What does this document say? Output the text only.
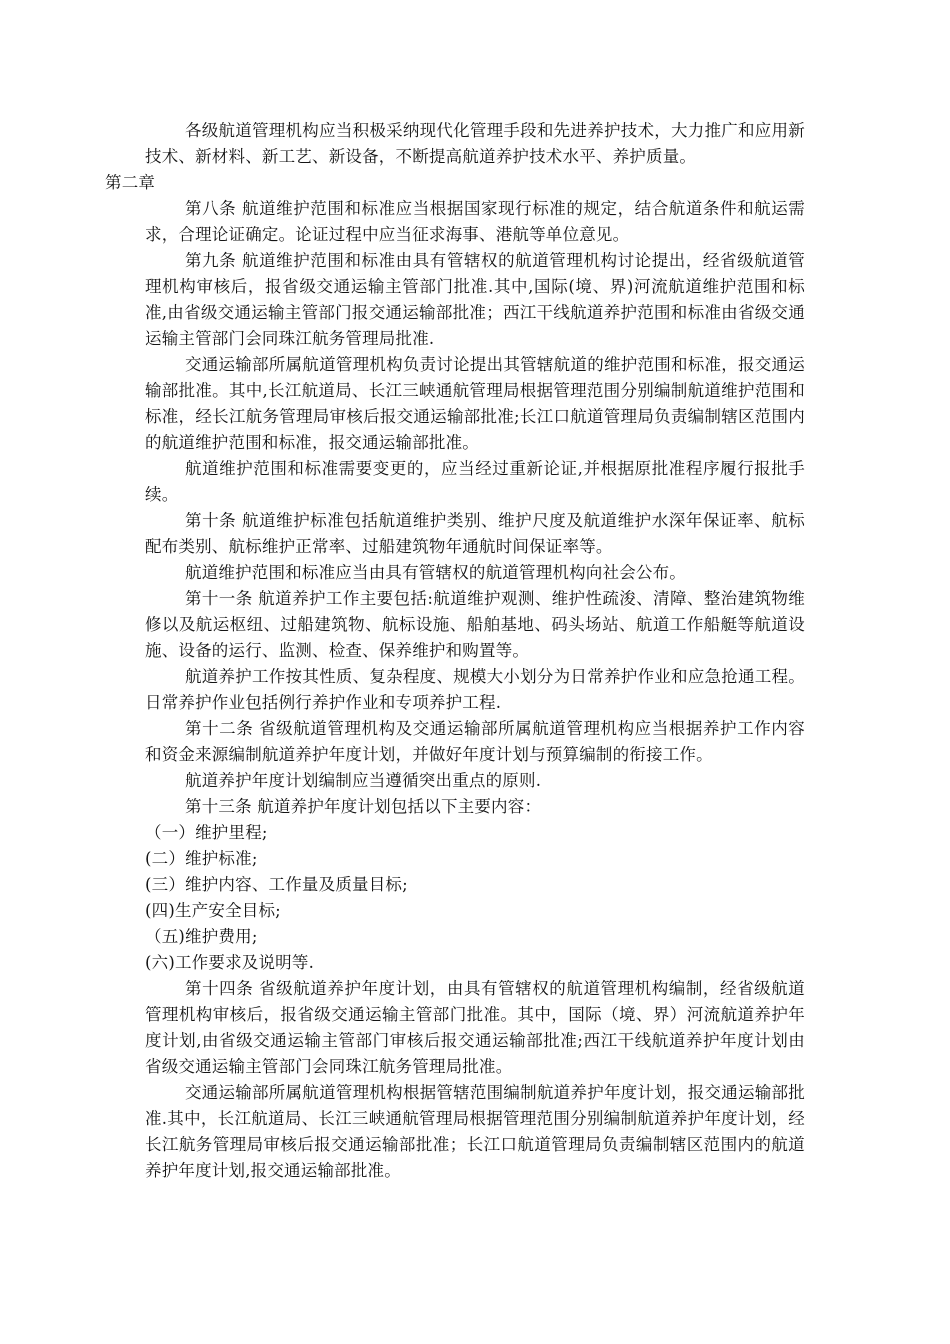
各级航道管理机构应当积极采纳现代化管理手段和先进养护技术，大力推广和应用新技术、新材料、新工艺、新设备，不断提高航道养护技术水平、养护质量。

第二章

第八条 航道维护范围和标准应当根据国家现行标准的规定，结合航道条件和航运需求，合理论证确定。论证过程中应当征求海事、港航等单位意见。

第九条 航道维护范围和标准由具有管辖权的航道管理机构讨论提出，经省级航道管理机构审核后，报省级交通运输主管部门批准.其中,国际(境、界)河流航道维护范围和标准,由省级交通运输主管部门报交通运输部批准；西江干线航道养护范围和标准由省级交通运输主管部门会同珠江航务管理局批准.

交通运输部所属航道管理机构负责讨论提出其管辖航道的维护范围和标准，报交通运输部批准。其中,长江航道局、长江三峡通航管理局根据管理范围分别编制航道维护范围和标准，经长江航务管理局审核后报交通运输部批准;长江口航道管理局负责编制辖区范围内的航道维护范围和标准，报交通运输部批准。

航道维护范围和标准需要变更的，应当经过重新论证,并根据原批准程序履行报批手续。

第十条 航道维护标准包括航道维护类别、维护尺度及航道维护水深年保证率、航标配布类别、航标维护正常率、过船建筑物年通航时间保证率等。

航道维护范围和标准应当由具有管辖权的航道管理机构向社会公布。

第十一条 航道养护工作主要包括:航道维护观测、维护性疏浚、清障、整治建筑物维修以及航运枢纽、过船建筑物、航标设施、船舶基地、码头场站、航道工作船艇等航道设施、设备的运行、监测、检查、保养维护和购置等。

航道养护工作按其性质、复杂程度、规模大小划分为日常养护作业和应急抢通工程。日常养护作业包括例行养护作业和专项养护工程.

第十二条 省级航道管理机构及交通运输部所属航道管理机构应当根据养护工作内容和资金来源编制航道养护年度计划，并做好年度计划与预算编制的衔接工作。

航道养护年度计划编制应当遵循突出重点的原则.

第十三条 航道养护年度计划包括以下主要内容：

（一）维护里程;

(二）维护标准;

(三）维护内容、工作量及质量目标;

(四)生产安全目标;

（五)维护费用;

(六)工作要求及说明等.

第十四条 省级航道养护年度计划，由具有管辖权的航道管理机构编制，经省级航道管理机构审核后，报省级交通运输主管部门批准。其中，国际（境、界）河流航道养护年度计划,由省级交通运输主管部门审核后报交通运输部批准;西江干线航道养护年度计划由省级交通运输主管部门会同珠江航务管理局批准。

交通运输部所属航道管理机构根据管辖范围编制航道养护年度计划，报交通运输部批准.其中，长江航道局、长江三峡通航管理局根据管理范围分别编制航道养护年度计划，经长江航务管理局审核后报交通运输部批准；长江口航道管理局负责编制辖区范围内的航道养护年度计划,报交通运输部批准。
